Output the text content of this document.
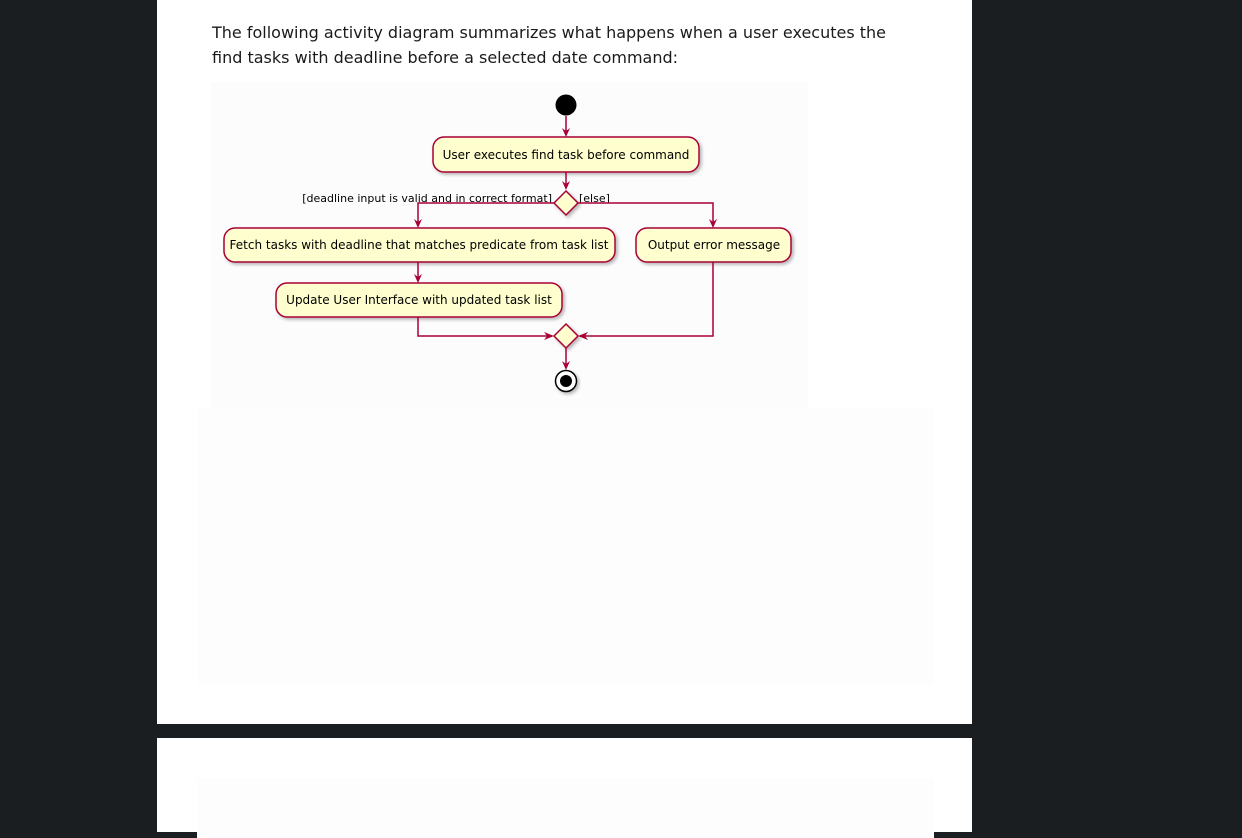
The following activity diagram summarizes what happens when a user executes the find tasks with deadline before a selected date command:

User executes find task before command
[deadline input is valid and in correct format] [else]
Fetch tasks with deadline that matches predicate from task list	Output error message
Update User Interface with updated task list
